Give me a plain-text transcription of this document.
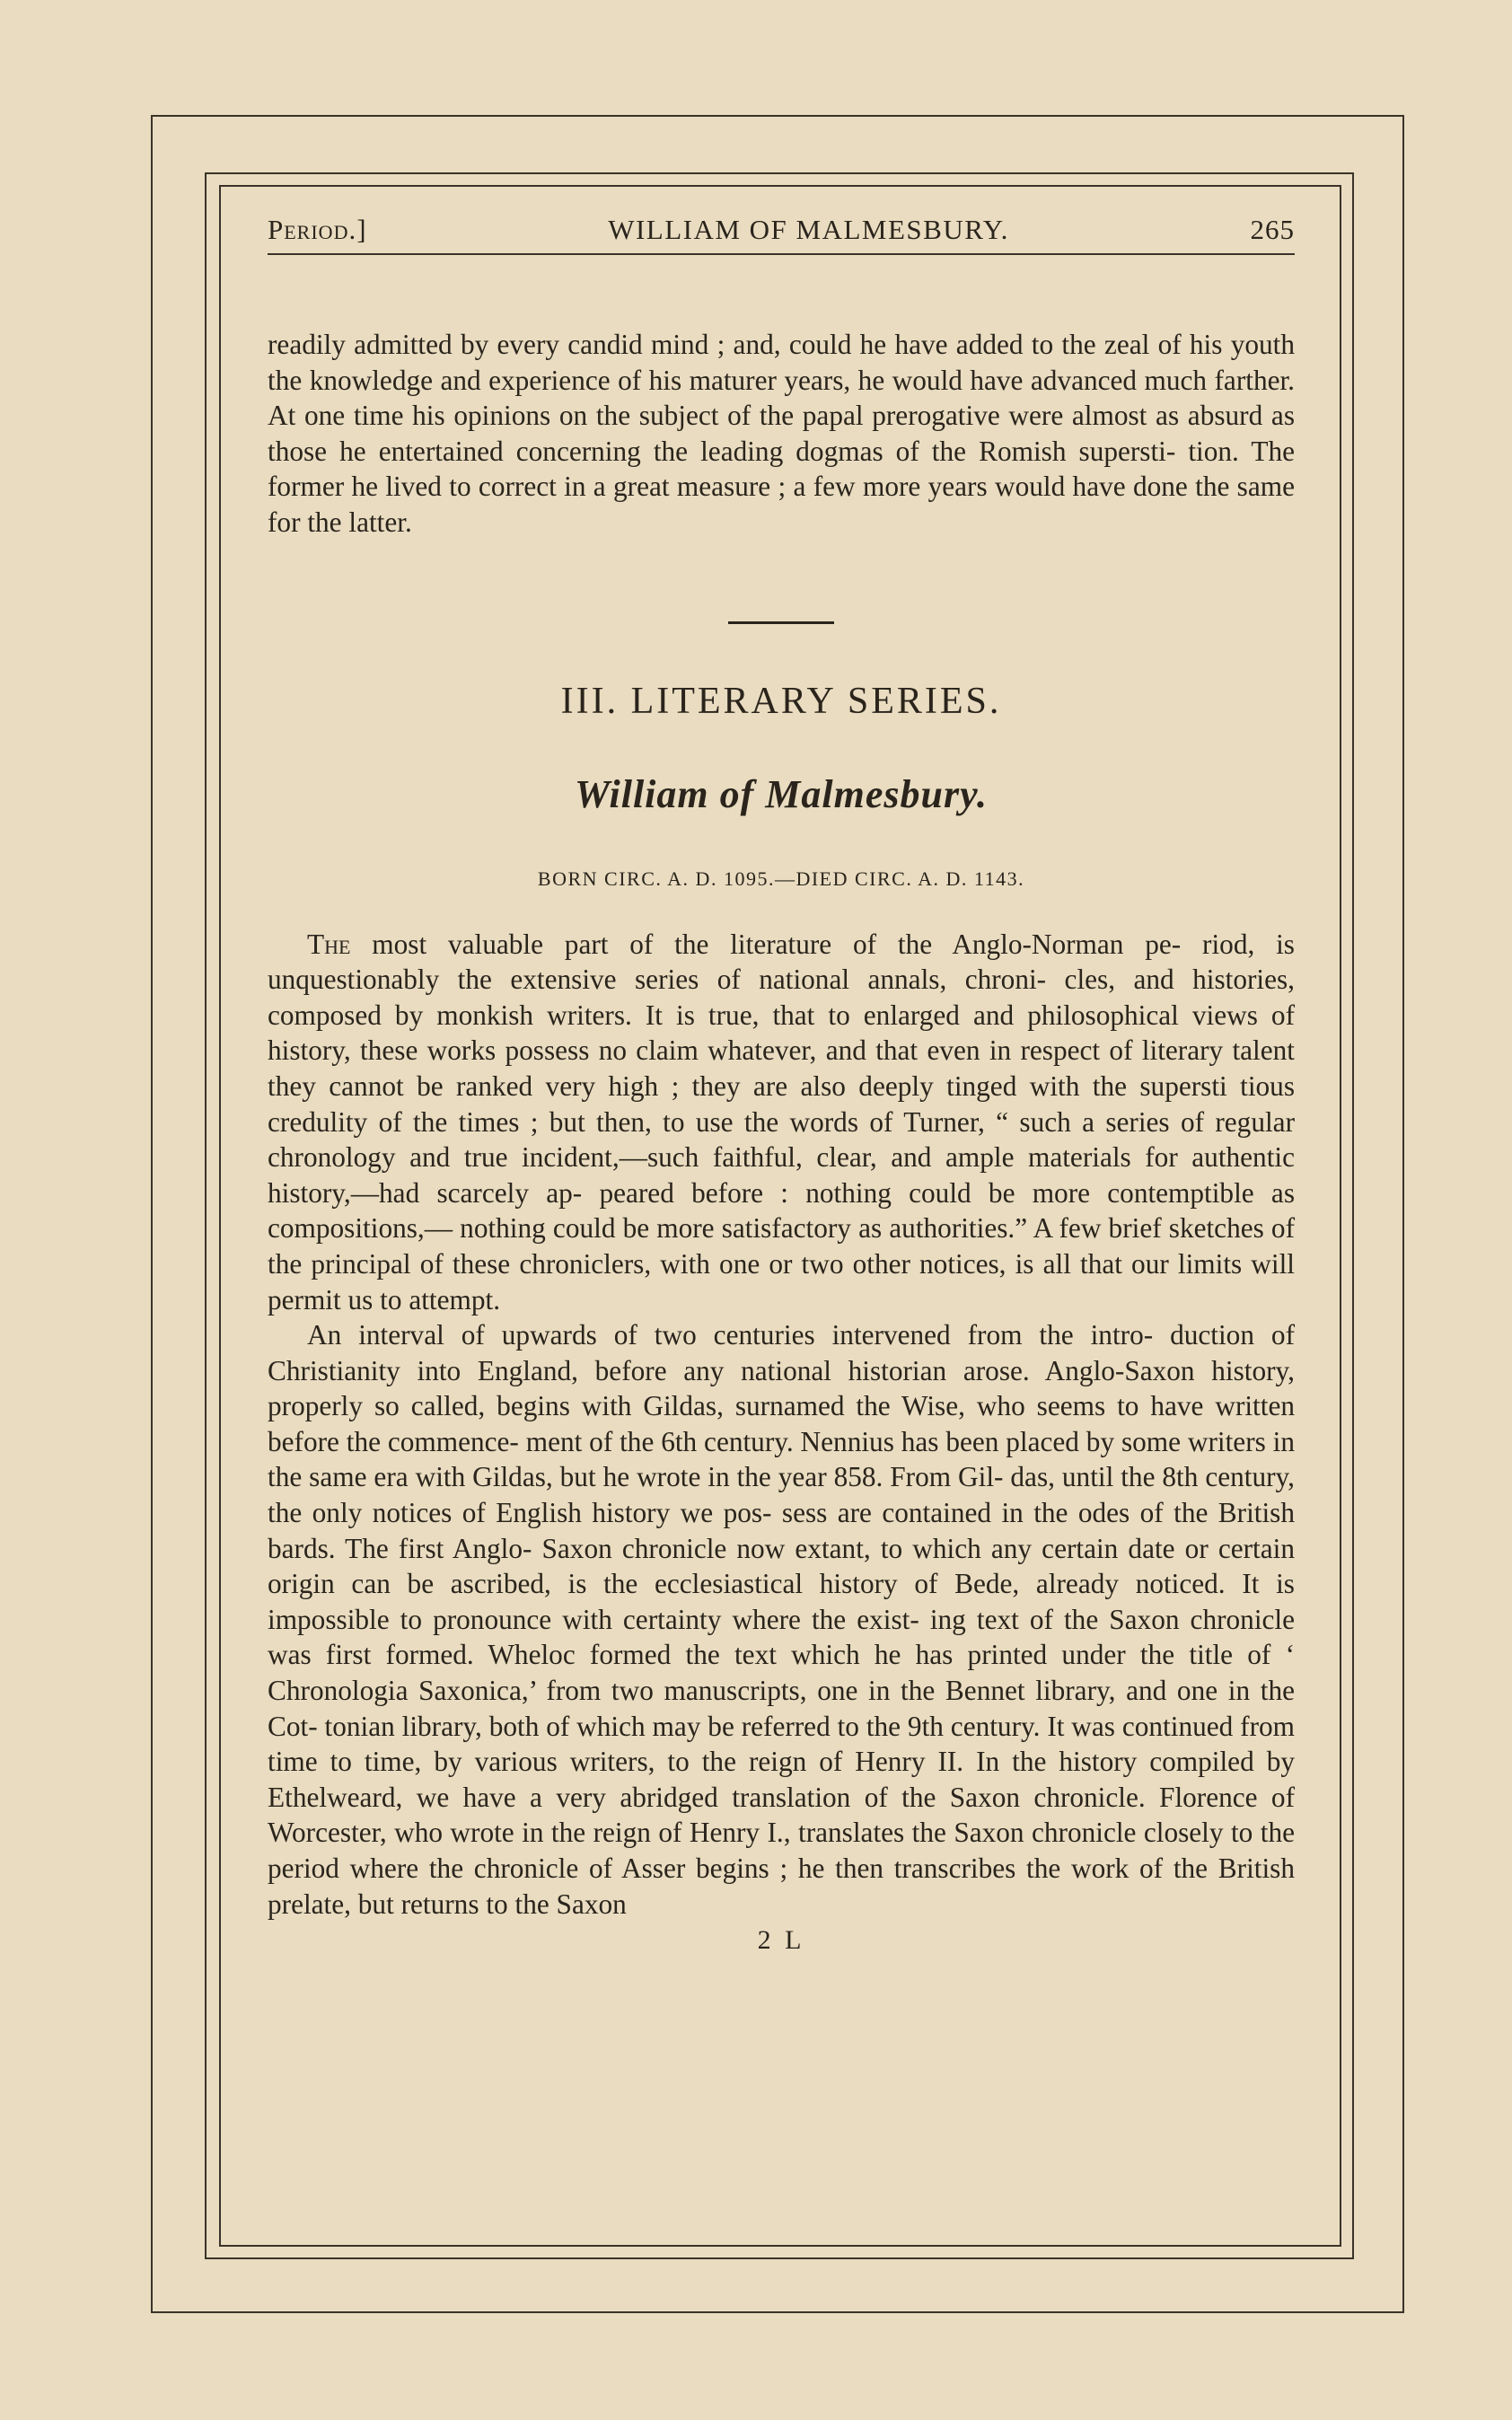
Period.]	WILLIAM OF MALMESBURY.	265

readily admitted by every candid mind ; and, could he have added to the zeal of his youth the knowledge and experience of his maturer years, he would have advanced much farther. At one time his opinions on the subject of the papal prerogative were almost as absurd as those he entertained concerning the leading dogmas of the Romish supersti- tion. The former he lived to correct in a great measure ; a few more years would have done the same for the latter.

III. LITERARY SERIES.
William of Malmesbury.
BORN CIRC. A. D. 1095.—DIED CIRC. A. D. 1143.

The most valuable part of the literature of the Anglo-Norman pe- riod, is unquestionably the extensive series of national annals, chroni- cles, and histories, composed by monkish writers. It is true, that to enlarged and philosophical views of history, these works possess no claim whatever, and that even in respect of literary talent they cannot be ranked very high ; they are also deeply tinged with the supersti tious credulity of the times ; but then, to use the words of Turner, “ such a series of regular chronology and true incident,—such faithful, clear, and ample materials for authentic history,—had scarcely ap- peared before : nothing could be more contemptible as compositions,— nothing could be more satisfactory as authorities.” A few brief sketches of the principal of these chroniclers, with one or two other notices, is all that our limits will permit us to attempt.

An interval of upwards of two centuries intervened from the intro- duction of Christianity into England, before any national historian arose. Anglo-Saxon history, properly so called, begins with Gildas, surnamed the Wise, who seems to have written before the commence- ment of the 6th century. Nennius has been placed by some writers in the same era with Gildas, but he wrote in the year 858. From Gil- das, until the 8th century, the only notices of English history we pos- sess are contained in the odes of the British bards. The first Anglo- Saxon chronicle now extant, to which any certain date or certain origin can be ascribed, is the ecclesiastical history of Bede, already noticed. It is impossible to pronounce with certainty where the exist- ing text of the Saxon chronicle was first formed. Wheloc formed the text which he has printed under the title of ‘ Chronologia Saxonica,’ from two manuscripts, one in the Bennet library, and one in the Cot- tonian library, both of which may be referred to the 9th century. It was continued from time to time, by various writers, to the reign of Henry II. In the history compiled by Ethelweard, we have a very abridged translation of the Saxon chronicle. Florence of Worcester, who wrote in the reign of Henry I., translates the Saxon chronicle closely to the period where the chronicle of Asser begins ; he then transcribes the work of the British prelate, but returns to the Saxon

2 L
